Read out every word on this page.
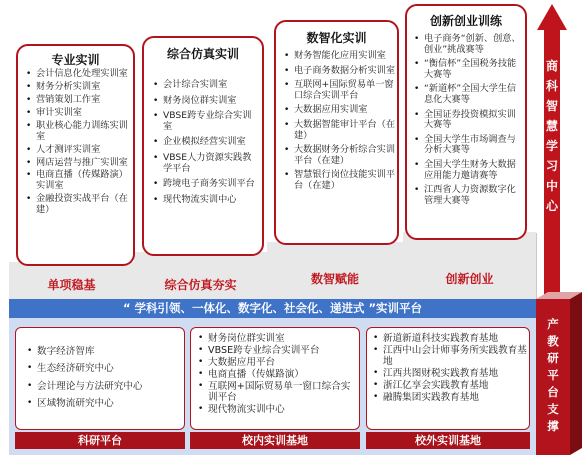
单项稳基	综合仿真夯实	数智赋能	创新创业
专业实训
• 会计信息化处理实训室
• 财务分析实训室
• 营销策划工作室
• 审计实训室
• 职业核心能力训练实训室
• 人才测评实训室
• 网店运营与推广实训室
• 电商直播（传媒路演）实训室
• 金融投资实战平台（在建）
综合仿真实训
• 会计综合实训室
• 财务岗位群实训室
• VBSE跨专业综合实训室
• 企业模拟经营实训室
• VBSE人力资源实践教学平台
• 跨境电子商务实训平台
• 现代物流实训中心
数智化实训
• 财务智能化应用实训室
• 电子商务数据分析实训室
• 互联网+国际贸易单一窗口综合实训平台
• 大数据应用实训室
• 大数据智能审计平台（在建）
• 大数据财务分析综合实训平台（在建）
• 智慧银行岗位技能实训平台（在建）
创新创业训练
• 电子商务“创新、创意、创业”挑战赛等
• “衡信杯”全国税务技能大赛等
• “新道杯”全国大学生信息化大赛等
• 全国证券投资模拟实训大赛等
• 全国大学生市场调查与分析大赛等
• 全国大学生财务大数据应用能力邀请赛等
• 江西省人力资源数字化管理大赛等
商科智慧学习中心
“ 学科引领、一体化、数字化、社会化、递进式 ”实训平台
产教研平台支撑
• 数字经济智库
• 生态经济研究中心
• 会计理论与方法研究中心
• 区域物流研究中心
科研平台
• 财务岗位群实训室
• VBSE跨专业综合实训平台
• 大数据应用平台
• 电商直播（传媒路演）
• 互联网+国际贸易单一窗口综合实训平台
• 现代物流实训中心
校内实训基地
• 新道新道科技实践教育基地
• 江西中山会计师事务所实践教育基地
• 江西共图财税实践教育基地
• 浙江亿享会实践教育基地
• 融腾集团实践教育基地
校外实训基地
